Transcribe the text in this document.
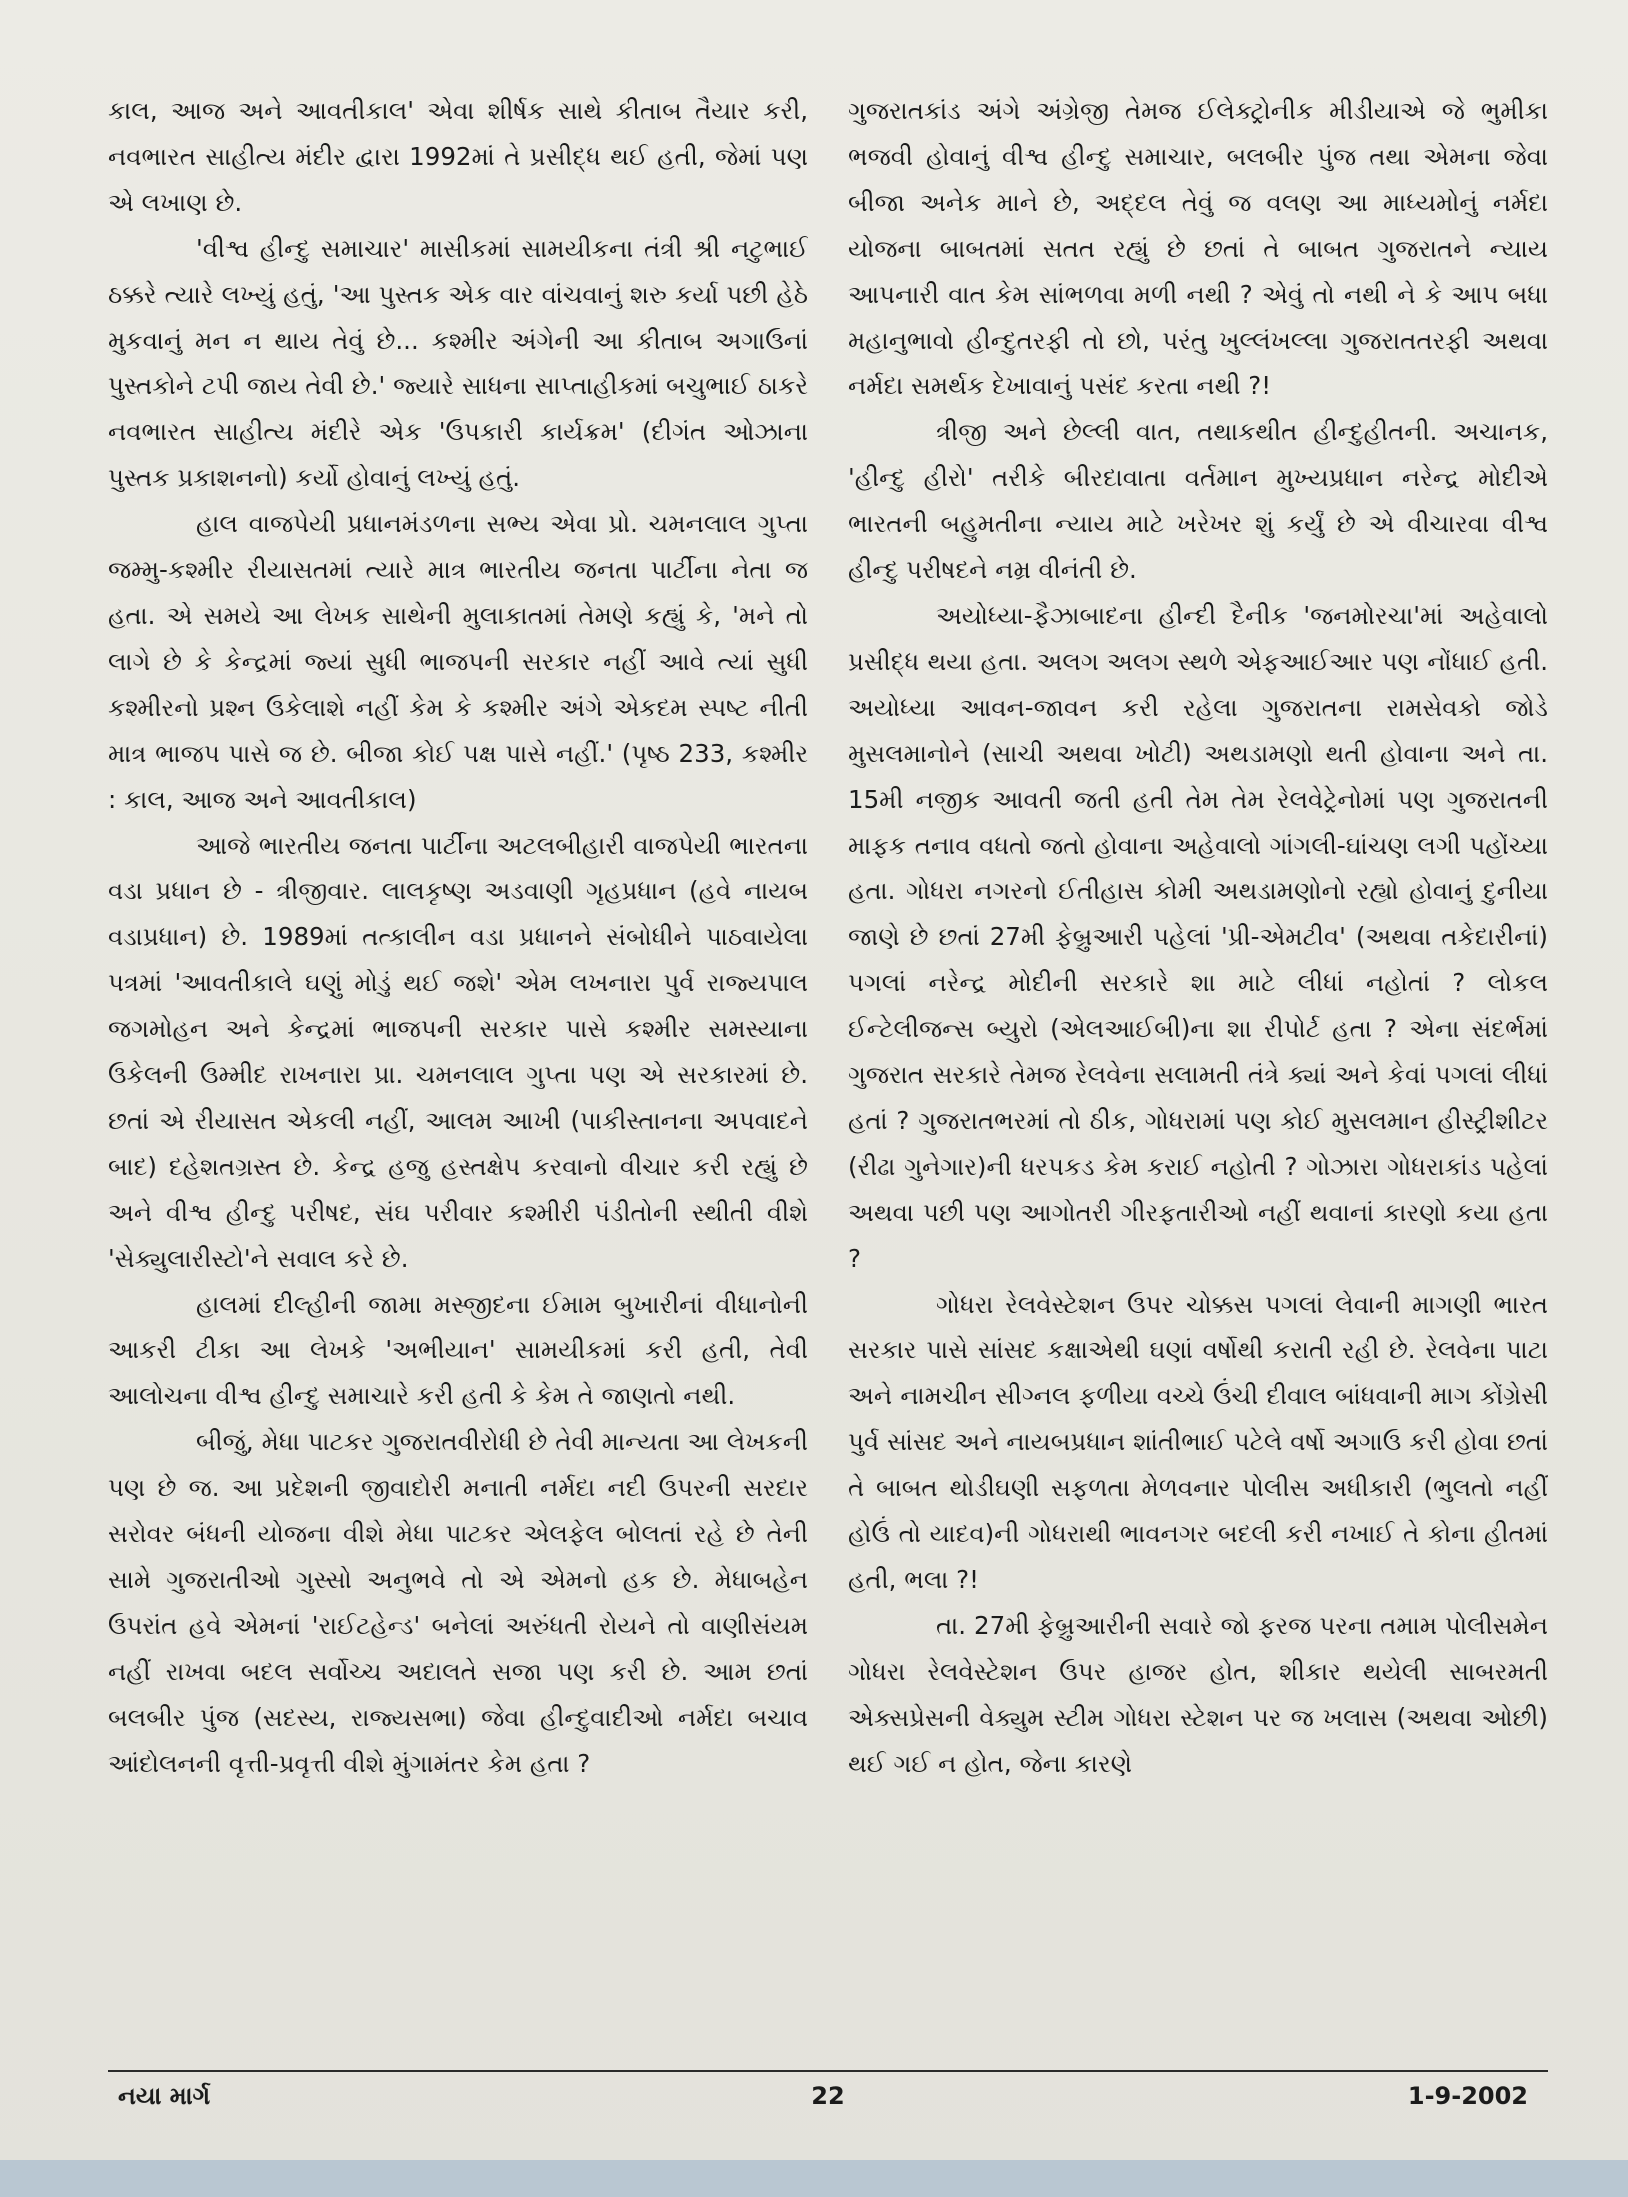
કાલ, આજ અને આવતીકાલ' એવા શીર્ષક સાથે કીતાબ તૈયાર કરી, નવભારત સાહીત્ય મંદીર દ્વારા 1992માં તે પ્રસીદ્ધ થઈ હતી, જેમાં પણ એ લખાણ છે.

'વીશ્વ હીન્દુ સમાચાર' માસીકમાં સામયીકના તંત્રી શ્રી નટુભાઈ ઠક્કરે ત્યારે લખ્યું હતું, 'આ પુસ્તક એક વાર વાંચવાનું શરુ કર્યા પછી હેઠે મુકવાનું મન ન થાય તેવું છે... કશ્મીર અંગેની આ કીતાબ અગાઉનાં પુસ્તકોને ટપી જાય તેવી છે.' જ્યારે સાધના સાપ્તાહીકમાં બચુભાઈ ઠાકરે નવભારત સાહીત્ય મંદીરે એક 'ઉપકારી કાર્યક્રમ' (દીગંત ઓઝાના પુસ્તક પ્રકાશનનો) કર્યો હોવાનું લખ્યું હતું.

હાલ વાજપેયી પ્રધાનમંડળના સભ્ય એવા પ્રો. ચમનલાલ ગુપ્તા જમ્મુ-કશ્મીર રીયાસતમાં ત્યારે માત્ર ભારતીય જનતા પાર્ટીના નેતા જ હતા. એ સમયે આ લેખક સાથેની મુલાકાતમાં તેમણે કહ્યું કે, 'મને તો લાગે છે કે કેન્દ્રમાં જ્યાં સુધી ભાજપની સરકાર નહીં આવે ત્યાં સુધી કશ્મીરનો પ્રશ્ન ઉકેલાશે નહીં કેમ કે કશ્મીર અંગે એકદમ સ્પષ્ટ નીતી માત્ર ભાજપ પાસે જ છે. બીજા કોઈ પક્ષ પાસે નહીં.' (પૃષ્ઠ 233, કશ્મીર : કાલ, આજ અને આવતીકાલ)

આજે ભારતીય જનતા પાર્ટીના અટલબીહારી વાજપેયી ભારતના વડા પ્રધાન છે - ત્રીજીવાર. લાલકૃષ્ણ અડવાણી ગૃહપ્રધાન (હવે નાયબ વડાપ્રધાન) છે. 1989માં તત્કાલીન વડા પ્રધાનને સંબોધીને પાઠવાયેલા પત્રમાં 'આવતીકાલે ઘણું મોડું થઈ જશે' એમ લખનારા પુર્વ રાજ્યપાલ જગમોહન અને કેન્દ્રમાં ભાજપની સરકાર પાસે કશ્મીર સમસ્યાના ઉકેલની ઉમ્મીદ રાખનારા પ્રા. ચમનલાલ ગુપ્તા પણ એ સરકારમાં છે. છતાં એ રીયાસત એકલી નહીં, આલમ આખી (પાકીસ્તાનના અપવાદને બાદ) દહેશતગ્રસ્ત છે. કેન્દ્ર હજુ હસ્તક્ષેપ કરવાનો વીચાર કરી રહ્યું છે અને વીશ્વ હીન્દુ પરીષદ, સંઘ પરીવાર કશ્મીરી પંડીતોની સ્થીતી વીશે 'સેક્યુલારીસ્ટો'ને સવાલ કરે છે.

હાલમાં દીલ્હીની જામા મસ્જીદના ઈમામ બુખારીનાં વીધાનોની આકરી ટીકા આ લેખકે 'અભીયાન' સામયીકમાં કરી હતી, તેવી આલોચના વીશ્વ હીન્દુ સમાચારે કરી હતી કે કેમ તે જાણતો નથી.

બીજું, મેધા પાટકર ગુજરાતવીરોધી છે તેવી માન્યતા આ લેખકની પણ છે જ. આ પ્રદેશની જીવાદોરી મનાતી નર્મદા નદી ઉપરની સરદાર સરોવર બંધની યોજના વીશે મેધા પાટકર એલફેલ બોલતાં રહે છે તેની સામે ગુજરાતીઓ ગુસ્સો અનુભવે તો એ એમનો હક છે. મેધાબહેન ઉપરાંત હવે એમનાં 'રાઈટહેન્ડ' બનેલાં અરુંધતી રોયને તો વાણીસંયમ નહીં રાખવા બદલ સર્વોચ્ચ અદાલતે સજા પણ કરી છે. આમ છતાં બલબીર પુંજ (સદસ્ય, રાજ્યસભા) જેવા હીન્દુવાદીઓ નર્મદા બચાવ આંદોલનની વૃત્તી-પ્રવૃત્તી વીશે મુંગામંતર કેમ હતા ?

ગુજરાતકાંડ અંગે અંગ્રેજી તેમજ ઈલેક્ટ્રોનીક મીડીયાએ જે ભુમીકા ભજવી હોવાનું વીશ્વ હીન્દુ સમાચાર, બલબીર પુંજ તથા એમના જેવા બીજા અનેક માને છે, અદ્દલ તેવું જ વલણ આ માધ્યમોનું નર્મદા યોજના બાબતમાં સતત રહ્યું છે છતાં તે બાબત ગુજરાતને ન્યાય આપનારી વાત કેમ સાંભળવા મળી નથી ? એવું તો નથી ને કે આપ બધા મહાનુભાવો હીન્દુતરફી તો છો, પરંતુ ખુલ્લંખલ્લા ગુજરાતતરફી અથવા નર્મદા સમર્થક દેખાવાનું પસંદ કરતા નથી ?!

ત્રીજી અને છેલ્લી વાત, તથાકથીત હીન્દુહીતની. અચાનક, 'હીન્દુ હીરો' તરીકે બીરદાવાતા વર્તમાન મુખ્યપ્રધાન નરેન્દ્ર મોદીએ ભારતની બહુમતીના ન્યાય માટે ખરેખર શું કર્યું છે એ વીચારવા વીશ્વ હીન્દુ પરીષદને નમ્ર વીનંતી છે.

અયોધ્યા-ફૈઝાબાદના હીન્દી દૈનીક 'જનમોરચા'માં અહેવાલો પ્રસીદ્ધ થયા હતા. અલગ અલગ સ્થળે એફઆઈઆર પણ નોંધાઈ હતી. અયોધ્યા આવન-જાવન કરી રહેલા ગુજરાતના રામસેવકો જોડે મુસલમાનોને (સાચી અથવા ખોટી) અથડામણો થતી હોવાના અને તા. 15મી નજીક આવતી જતી હતી તેમ તેમ રેલવેટ્રેનોમાં પણ ગુજરાતની માફક તનાવ વધતો જતો હોવાના અહેવાલો ગાંગલી-ઘાંચણ લગી પહોંચ્યા હતા. ગોધરા નગરનો ઈતીહાસ કોમી અથડામણોનો રહ્યો હોવાનું દુનીયા જાણે છે છતાં 27મી ફેબ્રુઆરી પહેલાં 'પ્રી-એમટીવ' (અથવા તકેદારીનાં) પગલાં નરેન્દ્ર મોદીની સરકારે શા માટે લીધાં નહોતાં ? લોકલ ઈન્ટેલીજન્સ બ્યુરો (એલઆઈબી)ના શા રીપોર્ટ હતા ? એના સંદર્ભમાં ગુજરાત સરકારે તેમજ રેલવેના સલામતી તંત્રે ક્યાં અને કેવાં પગલાં લીધાં હતાં ? ગુજરાતભરમાં તો ઠીક, ગોધરામાં પણ કોઈ મુસલમાન હીસ્ટ્રીશીટર (રીઢા ગુનેગાર)ની ધરપકડ કેમ કરાઈ નહોતી ? ગોઝારા ગોધરાકાંડ પહેલાં અથવા પછી પણ આગોતરી ગીરફતારીઓ નહીં થવાનાં કારણો કયા હતા ?

ગોધરા રેલવેસ્ટેશન ઉપર ચોક્કસ પગલાં લેવાની માગણી ભારત સરકાર પાસે સાંસદ કક્ષાએથી ઘણાં વર્ષોથી કરાતી રહી છે. રેલવેના પાટા અને નામચીન સીગ્નલ ફળીયા વચ્ચે ઉંચી દીવાલ બાંધવાની માગ કોંગ્રેસી પુર્વ સાંસદ અને નાયબપ્રધાન શાંતીભાઈ પટેલે વર્ષો અગાઉ કરી હોવા છતાં તે બાબત થોડીઘણી સફળતા મેળવનાર પોલીસ અધીકારી (ભુલતો નહીં હોઉં તો યાદવ)ની ગોધરાથી ભાવનગર બદલી કરી નખાઈ તે કોના હીતમાં હતી, ભલા ?!

તા. 27મી ફેબ્રુઆરીની સવારે જો ફરજ પરના તમામ પોલીસમેન ગોધરા રેલવેસ્ટેશન ઉપર હાજર હોત, શીકાર થયેલી સાબરમતી એક્સપ્રેસની વેક્યુમ સ્ટીમ ગોધરા સ્ટેશન પર જ ખલાસ (અથવા ઓછી) થઈ ગઈ ન હોત, જેના કારણે

નયા માર્ગ	22	1-9-2002
